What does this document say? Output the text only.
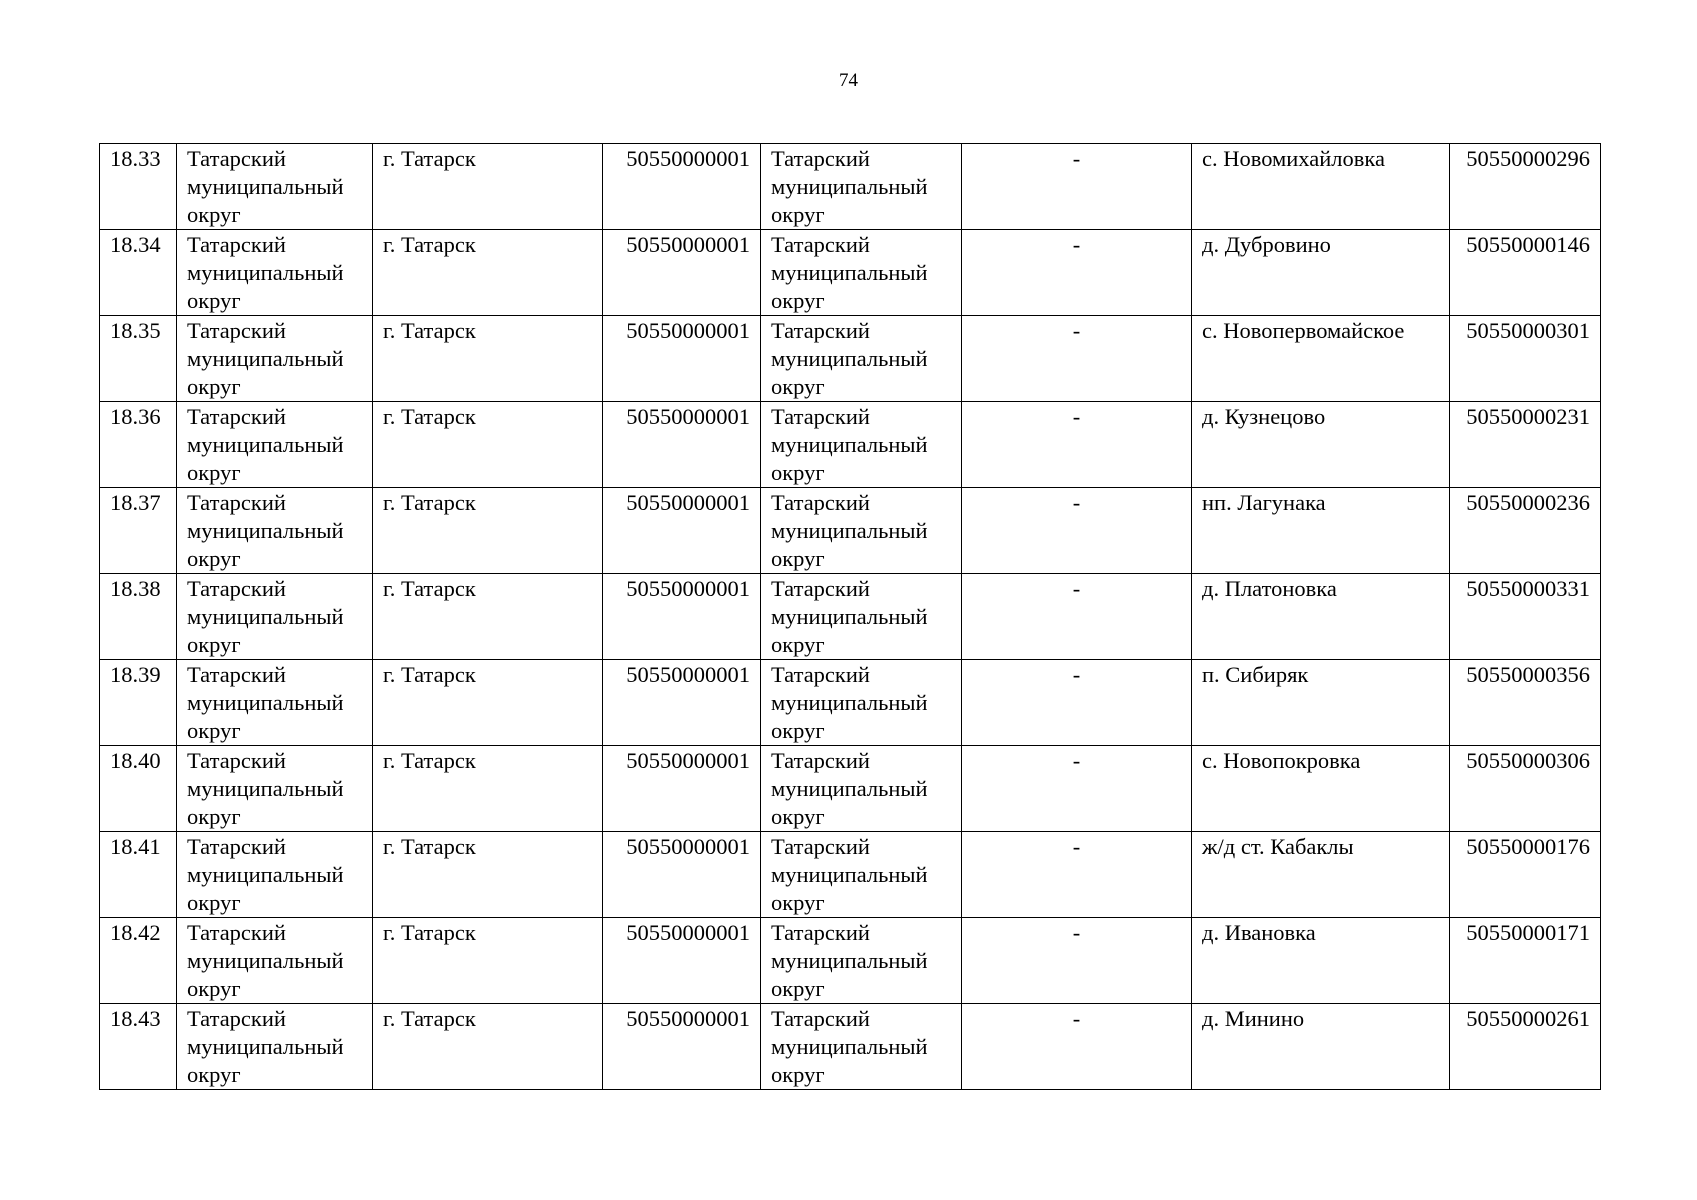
74
18.33	Татарский муниципальный округ	г. Татарск	50550000001	Татарский муниципальный округ	-	с. Новомихайловка	50550000296
18.34	Татарский муниципальный округ	г. Татарск	50550000001	Татарский муниципальный округ	-	д. Дубровино	50550000146
18.35	Татарский муниципальный округ	г. Татарск	50550000001	Татарский муниципальный округ	-	с. Новопервомайское	50550000301
18.36	Татарский муниципальный округ	г. Татарск	50550000001	Татарский муниципальный округ	-	д. Кузнецово	50550000231
18.37	Татарский муниципальный округ	г. Татарск	50550000001	Татарский муниципальный округ	-	нп. Лагунака	50550000236
18.38	Татарский муниципальный округ	г. Татарск	50550000001	Татарский муниципальный округ	-	д. Платоновка	50550000331
18.39	Татарский муниципальный округ	г. Татарск	50550000001	Татарский муниципальный округ	-	п. Сибиряк	50550000356
18.40	Татарский муниципальный округ	г. Татарск	50550000001	Татарский муниципальный округ	-	с. Новопокровка	50550000306
18.41	Татарский муниципальный округ	г. Татарск	50550000001	Татарский муниципальный округ	-	ж/д ст. Кабаклы	50550000176
18.42	Татарский муниципальный округ	г. Татарск	50550000001	Татарский муниципальный округ	-	д. Ивановка	50550000171
18.43	Татарский муниципальный округ	г. Татарск	50550000001	Татарский муниципальный округ	-	д. Минино	50550000261
